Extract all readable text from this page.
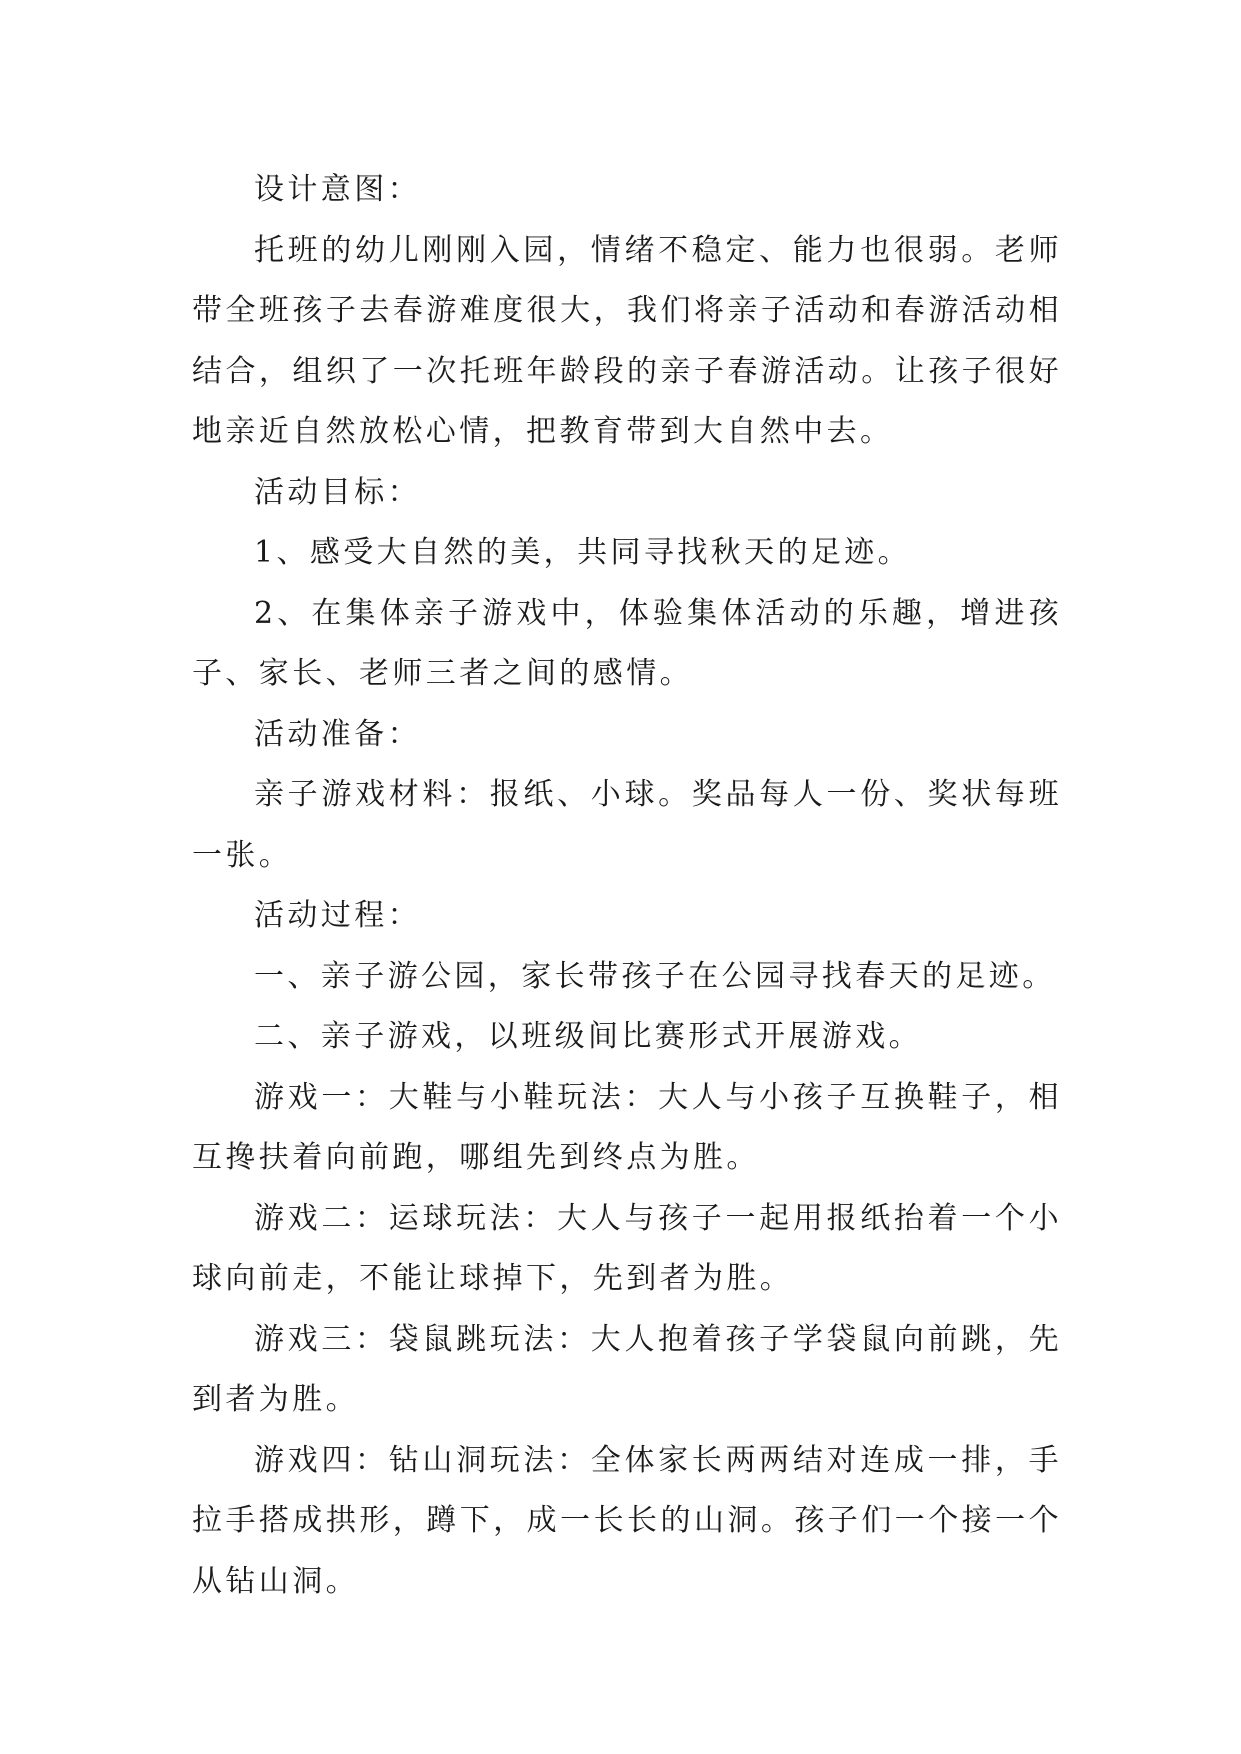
设计意图：

托班的幼儿刚刚入园，情绪不稳定、能力也很弱。老师带全班孩子去春游难度很大，我们将亲子活动和春游活动相结合，组织了一次托班年龄段的亲子春游活动。让孩子很好地亲近自然放松心情，把教育带到大自然中去。

活动目标：

1、感受大自然的美，共同寻找秋天的足迹。

2、在集体亲子游戏中，体验集体活动的乐趣，增进孩子、家长、老师三者之间的感情。

活动准备：

亲子游戏材料：报纸、小球。奖品每人一份、奖状每班一张。

活动过程：

一、亲子游公园，家长带孩子在公园寻找春天的足迹。

二、亲子游戏，以班级间比赛形式开展游戏。

游戏一：大鞋与小鞋玩法：大人与小孩子互换鞋子，相互搀扶着向前跑，哪组先到终点为胜。

游戏二：运球玩法：大人与孩子一起用报纸抬着一个小球向前走，不能让球掉下，先到者为胜。

游戏三：袋鼠跳玩法：大人抱着孩子学袋鼠向前跳，先到者为胜。

游戏四：钻山洞玩法：全体家长两两结对连成一排，手拉手搭成拱形，蹲下，成一长长的山洞。孩子们一个接一个从钻山洞。
